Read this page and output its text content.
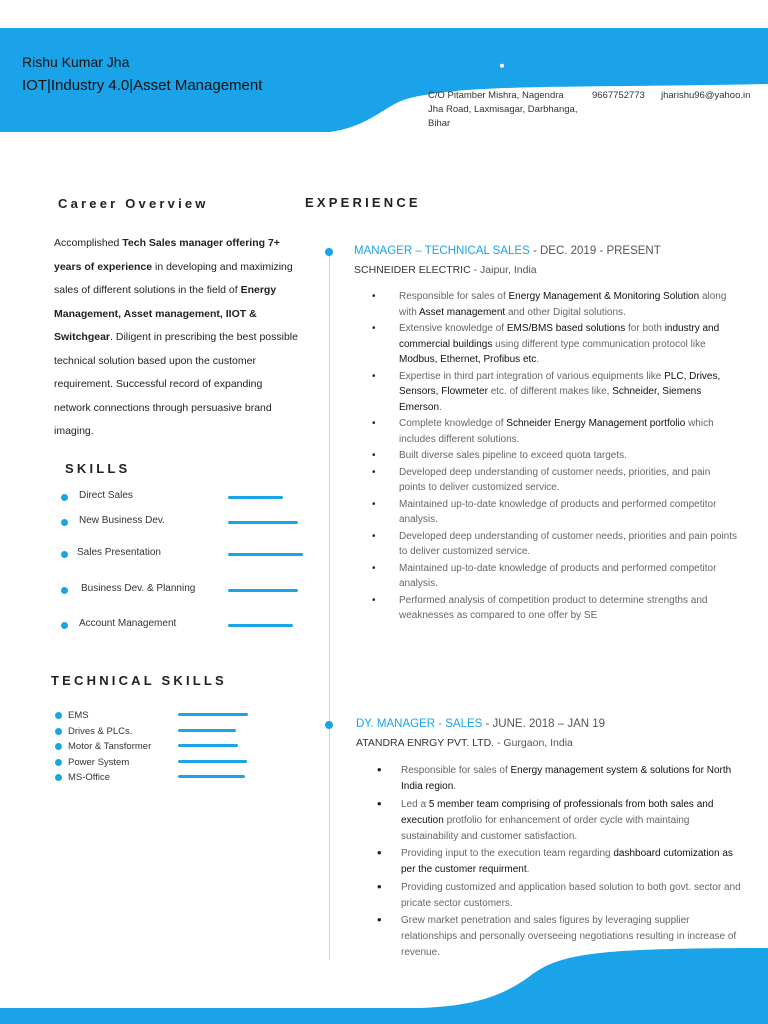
Rishu Kumar Jha
IOT|Industry 4.0|Asset Management
C/O Pitamber Mishra, Nagendra
Jha Road, Laxmisagar, Darbhanga,
Bihar
9667752773 jharishu96@yahoo.in
Career Overview
Accomplished Tech Sales manager offering 7+ years of experience in developing and maximizing sales of different solutions in the field of Energy Management, Asset management, IIOT & Switchgear. Diligent in prescribing the best possible technical solution based upon the customer requirement. Successful record of expanding network connections through persuasive brand imaging.
SKILLS
Direct Sales
New Business Dev.
Sales Presentation
Business Dev. & Planning
Account Management
TECHNICAL SKILLS
EMS
Drives & PLCs.
Motor & Tansformer
Power System
MS-Office
EXPERIENCE
MANAGER – TECHNICAL SALES - DEC. 2019 - PRESENT
SCHNEIDER ELECTRIC - Jaipur, India
• Responsible for sales of Energy Management & Monitoring Solution along with Asset management and other Digital solutions.
• Extensive knowledge of EMS/BMS based solutions for both industry and commercial buildings using different type communication protocol like Modbus, Ethernet, Profibus etc.
• Expertise in third part integration of various equipments like PLC, Drives, Sensors, Flowmeter etc. of different makes like, Schneider, Siemens Emerson.
• Complete knowledge of Schneider Energy Management portfolio which includes different solutions.
• Built diverse sales pipeline to exceed quota targets.
• Developed deep understanding of customer needs, priorities, and pain points to deliver customized service.
• Maintained up-to-date knowledge of products and performed competitor analysis.
• Developed deep understanding of customer needs, priorities and pain points to deliver customized service.
• Maintained up-to-date knowledge of products and performed competitor analysis.
• Performed analysis of competition product to determine strengths and weaknesses as compared to one offer by SE
DY. MANAGER - SALES - JUNE. 2018 – JAN 19
ATANDRA ENRGY PVT. LTD. - Gurgaon, India
• Responsible for sales of Energy management system & solutions for North India region.
• Led a 5 member team comprising of professionals from both sales and execution protfolio for enhancement of order cycle with maintaing sustainability and customer satisfaction.
• Providing input to the execution team regarding dashboard cutomization as per the customer requirment.
• Providing customized and application based solution to both govt. sector and pricate sector customers.
• Grew market penetration and sales figures by leveraging supplier relationships and personally overseeing negotiations resulting in increase of revenue.
